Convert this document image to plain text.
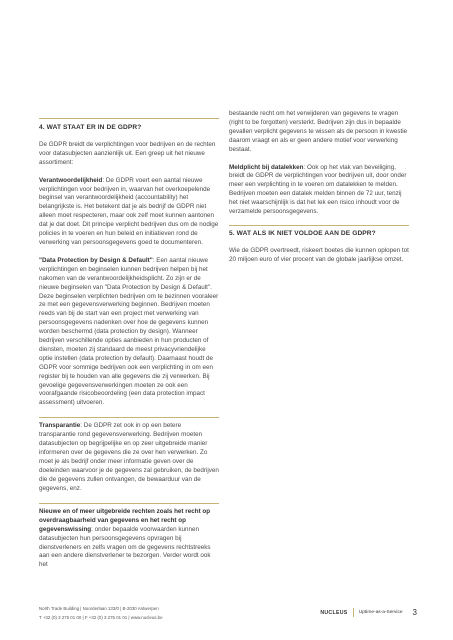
4. WAT STAAT ER IN DE GDPR?

De GDPR breidt de verplichtingen voor bedrijven en de rechten voor datasubjecten aanzienlijk uit. Een greep uit het nieuwe assortiment:

Verantwoordelijkheid: De GDPR voert een aantal nieuwe verplichtingen voor bedrijven in, waarvan het overkoepelende beginsel van verantwoordelijkheid (accountability) het belangrijkste is. Het betekent dat je als bedrijf de GDPR niet alleen moet respecteren, maar ook zelf moet kunnen aantonen dat je dat doet. Dit principe verplicht bedrijven dus om de nodige policies in te voeren en hun beleid en initiatieven rond de verwerking van persoonsgegevens goed te documenteren.

"Data Protection by Design & Default": Een aantal nieuwe verplichtingen en beginselen kunnen bedrijven helpen bij het nakomen van de verantwoordelijkheidsplicht. Zo zijn er de nieuwe beginselen van "Data Protection by Design & Default". Deze beginselen verplichten bedrijven om te bezinnen vooraleer ze met een gegevensverwerking beginnen. Bedrijven moeten reeds van bij de start van een project met verwerking van persoonsgegevens nadenken over hoe de gegevens kunnen worden beschermd (data protection by design). Wanneer bedrijven verschillende opties aanbieden in hun producten of diensten, moeten zij standaard de meest privacyvriendelijke optie instellen (data protection by default). Daarnaast houdt de GDPR voor sommige bedrijven ook een verplichting in om een register bij te houden van alle gegevens die zij verwerken. Bij gevoelige gegevensverwerkingen moeten ze ook een voorafgaande risicobeoordeling (een data protection impact assessment) uitvoeren.

Transparantie: De GDPR zet ook in op een betere transparantie rond gegevensverwerking. Bedrijven moeten datasubjecten op begrijpelijke en op zeer uitgebreide manier informeren over de gegevens die ze over hen verwerken. Zo moet je als bedrijf onder meer informatie geven over de doeleinden waarvoor je de gegevens zal gebruiken, de bedrijven die de gegevens zullen ontvangen, de bewaarduur van de gegevens, enz.

Nieuwe en of meer uitgebreide rechten zoals het recht op overdraagbaarheid van gegevens en het recht op gegevenswissing: onder bepaalde voorwaarden kunnen datasubjecten hun persoonsgegevens opvragen bij dienstverleners en zelfs vragen om de gegevens rechtstreeks aan een andere dienstverlener te bezorgen. Verder wordt ook het

bestaande recht om het verwijderen van gegevens te vragen (right to be forgotten) versterkt. Bedrijven zijn dus in bepaalde gevallen verplicht gegevens te wissen als de persoon in kwestie daarom vraagt en als er geen andere motief voor verwerking bestaat.

Meldplicht bij datalekken: Ook op het vlak van beveiliging, breidt de GDPR de verplichtingen voor bedrijven uit, door onder meer een verplichting in te voeren om datalekken te melden. Bedrijven moeten een datalek melden binnen de 72 uur, tenzij het niet waarschijnlijk is dat het lek een risico inhoudt voor de verzamelde persoonsgegevens.

5. WAT ALS IK NIET VOLDOE AAN DE GDPR?

Wie de GDPR overtreedt, riskeert boetes die kunnen oplopen tot 20 miljoen euro of vier procent van de globale jaarlijkse omzet.

North Trade Building | Noorderlaan 133/0 | B-2030 Antwerpen
T +32 (0) 3 275 01 00 | F +32 (0) 3 275 01 01 | www.nucleus.be
NUCLEUS Uptime-as-a-Service 3
